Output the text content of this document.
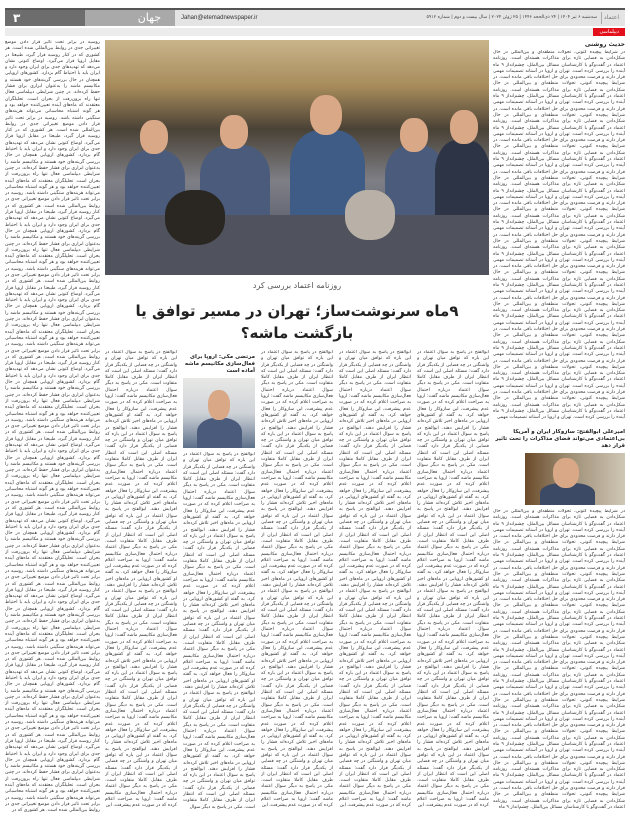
۳	جهان	Jahan@etemadnewspaper.ir	سه‌شنبه ۶ تیر ۱۴۰۴ | ۲۴ ذی‌الحجه ۱۴۴۶ | ۲۵ ژوئن ۲۰۲۴ | سال بیست و دوم | شماره ۵۹۱۲	اعتماد
دیپلماسی
حدیث روشنی
در شرایط پیچیده کنونی، تحولات منطقه‌ای و بین‌المللی در حال شکل‌دادن به فضایی تازه برای مذاکرات هسته‌ای است. روزنامه اعتماد در گفت‌وگو با کارشناسان مسائل بین‌الملل، چشم‌انداز ۹ ماه آینده را بررسی کرده است. تهران و اروپا در آستانه تصمیمات مهمی قرار دارند و فرصت محدودی برای حل اختلافات باقی مانده است. در شرایط پیچیده کنونی، تحولات منطقه‌ای و بین‌المللی در حال شکل‌دادن به فضایی تازه برای مذاکرات هسته‌ای است. روزنامه اعتماد در گفت‌وگو با کارشناسان مسائل بین‌الملل، چشم‌انداز ۹ ماه آینده را بررسی کرده است. تهران و اروپا در آستانه تصمیمات مهمی قرار دارند و فرصت محدودی برای حل اختلافات باقی مانده است. در شرایط پیچیده کنونی، تحولات منطقه‌ای و بین‌المللی در حال شکل‌دادن به فضایی تازه برای مذاکرات هسته‌ای است. روزنامه اعتماد در گفت‌وگو با کارشناسان مسائل بین‌الملل، چشم‌انداز ۹ ماه آینده را بررسی کرده است. تهران و اروپا در آستانه تصمیمات مهمی قرار دارند و فرصت محدودی برای حل اختلافات باقی مانده است. در شرایط پیچیده کنونی، تحولات منطقه‌ای و بین‌المللی در حال شکل‌دادن به فضایی تازه برای مذاکرات هسته‌ای است. روزنامه اعتماد در گفت‌وگو با کارشناسان مسائل بین‌الملل، چشم‌انداز ۹ ماه آینده را بررسی کرده است. تهران و اروپا در آستانه تصمیمات مهمی قرار دارند و فرصت محدودی برای حل اختلافات باقی مانده است. در شرایط پیچیده کنونی، تحولات منطقه‌ای و بین‌المللی در حال شکل‌دادن به فضایی تازه برای مذاکرات هسته‌ای است. روزنامه اعتماد در گفت‌وگو با کارشناسان مسائل بین‌الملل، چشم‌انداز ۹ ماه آینده را بررسی کرده است. تهران و اروپا در آستانه تصمیمات مهمی قرار دارند و فرصت محدودی برای حل اختلافات باقی مانده است. در شرایط پیچیده کنونی، تحولات منطقه‌ای و بین‌المللی در حال شکل‌دادن به فضایی تازه برای مذاکرات هسته‌ای است. روزنامه اعتماد در گفت‌وگو با کارشناسان مسائل بین‌الملل، چشم‌انداز ۹ ماه آینده را بررسی کرده است. تهران و اروپا در آستانه تصمیمات مهمی قرار دارند و فرصت محدودی برای حل اختلافات باقی مانده است. در شرایط پیچیده کنونی، تحولات منطقه‌ای و بین‌المللی در حال شکل‌دادن به فضایی تازه برای مذاکرات هسته‌ای است. روزنامه اعتماد در گفت‌وگو با کارشناسان مسائل بین‌الملل، چشم‌انداز ۹ ماه آینده را بررسی کرده است. تهران و اروپا در آستانه تصمیمات مهمی قرار دارند و فرصت محدودی برای حل اختلافات باقی مانده است. در شرایط پیچیده کنونی، تحولات منطقه‌ای و بین‌المللی در حال شکل‌دادن به فضایی تازه برای مذاکرات هسته‌ای است. روزنامه اعتماد در گفت‌وگو با کارشناسان مسائل بین‌الملل، چشم‌انداز ۹ ماه آینده را بررسی کرده است. تهران و اروپا در آستانه تصمیمات مهمی قرار دارند و فرصت محدودی برای حل اختلافات باقی مانده است. در شرایط پیچیده کنونی، تحولات منطقه‌ای و بین‌المللی در حال شکل‌دادن به فضایی تازه برای مذاکرات هسته‌ای است. روزنامه اعتماد در گفت‌وگو با کارشناسان مسائل بین‌الملل، چشم‌انداز ۹ ماه آینده را بررسی کرده است. تهران و اروپا در آستانه تصمیمات مهمی قرار دارند و فرصت محدودی برای حل اختلافات باقی مانده است. در شرایط پیچیده کنونی، تحولات منطقه‌ای و بین‌المللی در حال شکل‌دادن به فضایی تازه برای مذاکرات هسته‌ای است. روزنامه اعتماد در گفت‌وگو با کارشناسان مسائل بین‌الملل، چشم‌انداز ۹ ماه آینده را بررسی کرده است. تهران و اروپا در آستانه تصمیمات مهمی قرار دارند و فرصت محدودی برای حل اختلافات باقی مانده است. در شرایط پیچیده کنونی، تحولات منطقه‌ای و بین‌المللی در حال شکل‌دادن به فضایی تازه برای مذاکرات هسته‌ای است. روزنامه اعتماد در گفت‌وگو با کارشناسان مسائل بین‌الملل، چشم‌انداز ۹ ماه آینده را بررسی کرده است. تهران و اروپا در آستانه تصمیمات مهمی قرار دارند و فرصت محدودی برای حل اختلافات باقی مانده است. در شرایط پیچیده کنونی، تحولات منطقه‌ای و بین‌المللی در حال شکل‌دادن به فضایی تازه برای مذاکرات هسته‌ای است. روزنامه اعتماد در گفت‌وگو با کارشناسان مسائل بین‌الملل، چشم‌انداز ۹ ماه آینده را بررسی کرده است. تهران و اروپا در آستانه تصمیمات مهمی
امیرعلی ابوالفتح: سازوکار ایران و آمریکا بی‌اعتمادی می‌تواند فضای مذاکرات را تحت تاثیر قرار دهد
در شرایط پیچیده کنونی، تحولات منطقه‌ای و بین‌المللی در حال شکل‌دادن به فضایی تازه برای مذاکرات هسته‌ای است. روزنامه اعتماد در گفت‌وگو با کارشناسان مسائل بین‌الملل، چشم‌انداز ۹ ماه آینده را بررسی کرده است. تهران و اروپا در آستانه تصمیمات مهمی قرار دارند و فرصت محدودی برای حل اختلافات باقی مانده است. در شرایط پیچیده کنونی، تحولات منطقه‌ای و بین‌المللی در حال شکل‌دادن به فضایی تازه برای مذاکرات هسته‌ای است. روزنامه اعتماد در گفت‌وگو با کارشناسان مسائل بین‌الملل، چشم‌انداز ۹ ماه آینده را بررسی کرده است. تهران و اروپا در آستانه تصمیمات مهمی قرار دارند و فرصت محدودی برای حل اختلافات باقی مانده است. در شرایط پیچیده کنونی، تحولات منطقه‌ای و بین‌المللی در حال شکل‌دادن به فضایی تازه برای مذاکرات هسته‌ای است. روزنامه اعتماد در گفت‌وگو با کارشناسان مسائل بین‌الملل، چشم‌انداز ۹ ماه آینده را بررسی کرده است. تهران و اروپا در آستانه تصمیمات مهمی قرار دارند و فرصت محدودی برای حل اختلافات باقی مانده است. در شرایط پیچیده کنونی، تحولات منطقه‌ای و بین‌المللی در حال شکل‌دادن به فضایی تازه برای مذاکرات هسته‌ای است. روزنامه اعتماد در گفت‌وگو با کارشناسان مسائل بین‌الملل، چشم‌انداز ۹ ماه آینده را بررسی کرده است. تهران و اروپا در آستانه تصمیمات مهمی قرار دارند و فرصت محدودی برای حل اختلافات باقی مانده است. در شرایط پیچیده کنونی، تحولات منطقه‌ای و بین‌المللی در حال شکل‌دادن به فضایی تازه برای مذاکرات هسته‌ای است. روزنامه اعتماد در گفت‌وگو با کارشناسان مسائل بین‌الملل، چشم‌انداز ۹ ماه آینده را بررسی کرده است. تهران و اروپا در آستانه تصمیمات مهمی قرار دارند و فرصت محدودی برای حل اختلافات باقی مانده است. در شرایط پیچیده کنونی، تحولات منطقه‌ای و بین‌المللی در حال شکل‌دادن به فضایی تازه برای مذاکرات هسته‌ای است. روزنامه اعتماد در گفت‌وگو با کارشناسان مسائل بین‌الملل، چشم‌انداز ۹ ماه آینده را بررسی کرده است. تهران و اروپا در آستانه تصمیمات مهمی قرار دارند و فرصت محدودی برای حل اختلافات باقی مانده است. در شرایط پیچیده کنونی، تحولات منطقه‌ای و بین‌المللی در حال شکل‌دادن به فضایی تازه برای مذاکرات هسته‌ای است. روزنامه اعتماد در گفت‌وگو با کارشناسان مسائل بین‌الملل، چشم‌انداز ۹ ماه آینده را بررسی کرده است. تهران و اروپا در آستانه تصمیمات مهمی قرار دارند و فرصت محدودی برای حل اختلافات باقی مانده است. در شرایط پیچیده کنونی، تحولات منطقه‌ای و بین‌المللی در حال شکل‌دادن به فضایی تازه برای مذاکرات هسته‌ای است. روزنامه اعتماد در گفت‌وگو با کارشناسان مسائل بین‌الملل، چشم‌انداز ۹ ماه آینده را بررسی کرده است. تهران و اروپا در آستانه تصمیمات مهمی قرار دارند و فرصت محدودی برای حل اختلافات باقی مانده است. در شرایط پیچیده کنونی، تحولات منطقه‌ای و بین‌المللی در حال شکل‌دادن به فضایی تازه برای مذاکرات هسته‌ای است. روزنامه اعتماد در گفت‌وگو با کارشناسان مسائل بین‌الملل، چشم‌انداز ۹ ماه آینده را بررسی کرده است. تهران و اروپا در آستانه تصمیمات مهمی قرار دارند و فرصت محدودی برای حل اختلافات باقی مانده است. در شرایط پیچیده کنونی، تحولات منطقه‌ای و بین‌المللی در حال شکل‌دادن به فضایی تازه برای مذاکرات هسته‌ای است. روزنامه اعتماد در گفت‌وگو با کارشناسان مسائل بین‌الملل، چشم‌انداز ۹ ماه
روسیه در برابر تحت تاثیر قرار دادن موضع تغییراتی جدی در روابط بین‌المللی شده است. هر کشوری که در کنار روسیه قرار گیرد، طبیعتا در مقابل اروپا قرار می‌گیرد. اوضاع کنونی نشان می‌دهد که تهدیدهای جدی برای ایران وجود دارد و ایران باید با احتیاط گام بردارد. کشورهای اروپایی همچنان در حال بررسی گزینه‌های خود هستند و مکانیسم ماشه را به‌عنوان ابزاری برای فشار حفظ کرده‌اند. در چنین شرایطی دیپلماسی فعال تنها راه برون‌رفت از بحران است. تحلیلگران معتقدند که ماه‌های آینده تعیین‌کننده خواهد بود و هر گونه اشتباه محاسباتی می‌تواند هزینه‌های سنگینی داشته باشد. روسیه در برابر تحت تاثیر قرار دادن موضع تغییراتی جدی در روابط بین‌المللی شده است. هر کشوری که در کنار روسیه قرار گیرد، طبیعتا در مقابل اروپا قرار می‌گیرد. اوضاع کنونی نشان می‌دهد که تهدیدهای جدی برای ایران وجود دارد و ایران باید با احتیاط گام بردارد. کشورهای اروپایی همچنان در حال بررسی گزینه‌های خود هستند و مکانیسم ماشه را به‌عنوان ابزاری برای فشار حفظ کرده‌اند. در چنین شرایطی دیپلماسی فعال تنها راه برون‌رفت از بحران است. تحلیلگران معتقدند که ماه‌های آینده تعیین‌کننده خواهد بود و هر گونه اشتباه محاسباتی می‌تواند هزینه‌های سنگینی داشته باشد. روسیه در برابر تحت تاثیر قرار دادن موضع تغییراتی جدی در روابط بین‌المللی شده است. هر کشوری که در کنار روسیه قرار گیرد، طبیعتا در مقابل اروپا قرار می‌گیرد. اوضاع کنونی نشان می‌دهد که تهدیدهای جدی برای ایران وجود دارد و ایران باید با احتیاط گام بردارد. کشورهای اروپایی همچنان در حال بررسی گزینه‌های خود هستند و مکانیسم ماشه را به‌عنوان ابزاری برای فشار حفظ کرده‌اند. در چنین شرایطی دیپلماسی فعال تنها راه برون‌رفت از بحران است. تحلیلگران معتقدند که ماه‌های آینده تعیین‌کننده خواهد بود و هر گونه اشتباه محاسباتی می‌تواند هزینه‌های سنگینی داشته باشد. روسیه در برابر تحت تاثیر قرار دادن موضع تغییراتی جدی در روابط بین‌المللی شده است. هر کشوری که در کنار روسیه قرار گیرد، طبیعتا در مقابل اروپا قرار می‌گیرد. اوضاع کنونی نشان می‌دهد که تهدیدهای جدی برای ایران وجود دارد و ایران باید با احتیاط گام بردارد. کشورهای اروپایی همچنان در حال بررسی گزینه‌های خود هستند و مکانیسم ماشه را به‌عنوان ابزاری برای فشار حفظ کرده‌اند. در چنین شرایطی دیپلماسی فعال تنها راه برون‌رفت از بحران است. تحلیلگران معتقدند که ماه‌های آینده تعیین‌کننده خواهد بود و هر گونه اشتباه محاسباتی می‌تواند هزینه‌های سنگینی داشته باشد. روسیه در برابر تحت تاثیر قرار دادن موضع تغییراتی جدی در روابط بین‌المللی شده است. هر کشوری که در کنار روسیه قرار گیرد، طبیعتا در مقابل اروپا قرار می‌گیرد. اوضاع کنونی نشان می‌دهد که تهدیدهای جدی برای ایران وجود دارد و ایران باید با احتیاط گام بردارد. کشورهای اروپایی همچنان در حال بررسی گزینه‌های خود هستند و مکانیسم ماشه را به‌عنوان ابزاری برای فشار حفظ کرده‌اند. در چنین شرایطی دیپلماسی فعال تنها راه برون‌رفت از بحران است. تحلیلگران معتقدند که ماه‌های آینده تعیین‌کننده خواهد بود و هر گونه اشتباه محاسباتی می‌تواند هزینه‌های سنگینی داشته باشد. روسیه در برابر تحت تاثیر قرار دادن موضع تغییراتی جدی در روابط بین‌المللی شده است. هر کشوری که در کنار روسیه قرار گیرد، طبیعتا در مقابل اروپا قرار می‌گیرد. اوضاع کنونی نشان می‌دهد که تهدیدهای جدی برای ایران وجود دارد و ایران باید با احتیاط گام بردارد. کشورهای اروپایی همچنان در حال بررسی گزینه‌های خود هستند و مکانیسم ماشه را به‌عنوان ابزاری برای فشار حفظ کرده‌اند. در چنین شرایطی دیپلماسی فعال تنها راه برون‌رفت از بحران است. تحلیلگران معتقدند که ماه‌های آینده تعیین‌کننده خواهد بود و هر گونه اشتباه محاسباتی می‌تواند هزینه‌های سنگینی داشته باشد. روسیه در برابر تحت تاثیر قرار دادن موضع تغییراتی جدی در روابط بین‌المللی شده است. هر کشوری که در کنار روسیه قرار گیرد، طبیعتا در مقابل اروپا قرار می‌گیرد. اوضاع کنونی نشان می‌دهد که تهدیدهای جدی برای ایران وجود دارد و ایران باید با احتیاط گام بردارد. کشورهای اروپایی همچنان در حال بررسی گزینه‌های خود هستند و مکانیسم ماشه را به‌عنوان ابزاری برای فشار حفظ کرده‌اند. در چنین شرایطی دیپلماسی فعال تنها راه برون‌رفت از بحران است. تحلیلگران معتقدند که ماه‌های آینده تعیین‌کننده خواهد بود و هر گونه اشتباه محاسباتی می‌تواند هزینه‌های سنگینی داشته باشد. روسیه در برابر تحت تاثیر قرار دادن موضع تغییراتی جدی در روابط بین‌المللی شده است. هر کشوری که در کنار روسیه قرار گیرد، طبیعتا در مقابل اروپا قرار می‌گیرد. اوضاع کنونی نشان می‌دهد که تهدیدهای جدی برای ایران وجود دارد و ایران باید با احتیاط گام بردارد. کشورهای اروپایی همچنان در حال بررسی گزینه‌های خود هستند و مکانیسم ماشه را به‌عنوان ابزاری برای فشار حفظ کرده‌اند. در چنین شرایطی دیپلماسی فعال تنها راه برون‌رفت از بحران است. تحلیلگران معتقدند که ماه‌های آینده تعیین‌کننده خواهد بود و هر گونه اشتباه محاسباتی می‌تواند هزینه‌های سنگینی داشته باشد. روسیه در برابر تحت تاثیر قرار دادن موضع تغییراتی جدی در روابط بین‌المللی شده است. هر کشوری که در کنار روسیه قرار گیرد، طبیعتا در مقابل اروپا قرار می‌گیرد. اوضاع کنونی نشان می‌دهد که تهدیدهای جدی برای ایران وجود دارد و ایران باید با احتیاط گام بردارد. کشورهای اروپایی همچنان در حال بررسی گزینه‌های خود هستند و مکانیسم ماشه را به‌عنوان ابزاری برای فشار حفظ کرده‌اند. در چنین شرایطی دیپلماسی فعال تنها راه برون‌رفت از بحران است. تحلیلگران معتقدند که ماه‌های آینده تعیین‌کننده خواهد بود و هر گونه اشتباه محاسباتی می‌تواند هزینه‌های سنگینی داشته باشد. روسیه در برابر تحت تاثیر قرار دادن موضع تغییراتی جدی در روابط بین‌المللی شده است. هر کشوری که در کنار روسیه قرار گیرد، طبیعتا در مقابل اروپا قرار می‌گیرد. اوضاع کنونی نشان می‌دهد که تهدیدهای جدی برای ایران وجود دارد و ایران باید با احتیاط گام بردارد. کشورهای اروپایی همچنان در حال بررسی گزینه‌های خود هستند و مکانیسم ماشه را به‌عنوان ابزاری برای فشار حفظ کرده‌اند. در چنین شرایطی دیپلماسی فعال تنها راه برون‌رفت از بحران است. تحلیلگران معتقدند که ماه‌های آینده تعیین‌کننده خواهد بود و هر گونه اشتباه محاسباتی می‌تواند هزینه‌های سنگینی داشته باشد. روسیه در برابر تحت تاثیر قرار دادن موضع تغییراتی جدی در روابط بین‌المللی شده است. هر کشوری که در
روزنامه اعتماد بررسی کرد
۹ماه سرنوشت‌ساز؛ تهران در مسیر توافق یا بازگشت ماشه؟
ابوالفتح در پاسخ به سوال اعتماد در این باره که توافق میان تهران و واشنگتن در چه فضایی از یکدیگر قرار دارد گفت: مسئله اصلی این است که انتظار ایران از طرف مقابل کاملا متفاوت است. مکی در پاسخ به دیگر سوال اعتماد درباره احتمال فعال‌سازی مکانیسم ماشه گفت: اروپا به صراحت اعلام کرده که در صورت عدم پیشرفت، این سازوکار را فعال خواهد کرد. به گفته او کشورهای اروپایی در ماه‌های اخیر تلاش کرده‌اند فشار را افزایش دهند. ابوالفتح در پاسخ به سوال اعتماد در این باره که توافق میان تهران و واشنگتن در چه فضایی از یکدیگر قرار دارد گفت: مسئله اصلی این است که انتظار ایران از طرف مقابل کاملا متفاوت است. مکی در پاسخ به دیگر سوال اعتماد درباره احتمال فعال‌سازی مکانیسم ماشه گفت: اروپا به صراحت اعلام کرده که در صورت عدم پیشرفت، این سازوکار را فعال خواهد کرد. به گفته او کشورهای اروپایی در ماه‌های اخیر تلاش کرده‌اند فشار را افزایش دهند. ابوالفتح در پاسخ به سوال اعتماد در این باره که توافق میان تهران و واشنگتن در چه فضایی از یکدیگر قرار دارد گفت: مسئله اصلی این است که انتظار ایران از طرف مقابل کاملا متفاوت است. مکی در پاسخ به دیگر سوال اعتماد درباره احتمال فعال‌سازی مکانیسم ماشه گفت: اروپا به صراحت اعلام کرده که در صورت عدم پیشرفت، این سازوکار را فعال خواهد کرد. به گفته او کشورهای اروپایی در ماه‌های اخیر تلاش کرده‌اند فشار را افزایش دهند. ابوالفتح در پاسخ به سوال اعتماد در این باره که توافق میان تهران و واشنگتن در چه فضایی از یکدیگر قرار دارد گفت: مسئله اصلی این است که انتظار ایران از طرف مقابل کاملا متفاوت است. مکی در پاسخ به دیگر سوال اعتماد درباره احتمال فعال‌سازی مکانیسم ماشه گفت: اروپا به صراحت اعلام کرده که در صورت عدم پیشرفت، این سازوکار را فعال خواهد کرد. به گفته او کشورهای اروپایی در ماه‌های اخیر تلاش کرده‌اند فشار را افزایش دهند. ابوالفتح در پاسخ به سوال اعتماد در این باره که توافق میان تهران و واشنگتن در چه فضایی از یکدیگر قرار دارد گفت: مسئله اصلی این است که انتظار ایران از طرف مقابل کاملا متفاوت است. مکی در پاسخ به دیگر سوال اعتماد درباره احتمال فعال‌سازی مکانیسم ماشه گفت: اروپا به صراحت اعلام کرده که در صورت عدم پیشرفت، این سازوکار را فعال خواهد کرد. به گفته او کشورهای اروپایی در ماه‌های اخیر تلاش کرده‌اند فشار را افزایش دهند. ابوالفتح در پاسخ به سوال اعتماد در این باره که توافق میان تهران و واشنگتن در چه فضایی از یکدیگر قرار دارد گفت: مسئله اصلی این است که انتظار ایران از طرف مقابل کاملا متفاوت است. مکی در پاسخ به دیگر سوال اعتماد درباره احتمال فعال‌سازی مکانیسم ماشه گفت: اروپا به صراحت اعلام کرده که در صورت عدم پیشرفت، این
ابوالفتح در پاسخ به سوال اعتماد در این باره که توافق میان تهران و واشنگتن در چه فضایی از یکدیگر قرار دارد گفت: مسئله اصلی این است که انتظار ایران از طرف مقابل کاملا متفاوت است. مکی در پاسخ به دیگر سوال اعتماد درباره احتمال فعال‌سازی مکانیسم ماشه گفت: اروپا به صراحت اعلام کرده که در صورت عدم پیشرفت، این سازوکار را فعال خواهد کرد. به گفته او کشورهای اروپایی در ماه‌های اخیر تلاش کرده‌اند فشار را افزایش دهند. ابوالفتح در پاسخ به سوال اعتماد در این باره که توافق میان تهران و واشنگتن در چه فضایی از یکدیگر قرار دارد گفت: مسئله اصلی این است که انتظار ایران از طرف مقابل کاملا متفاوت است. مکی در پاسخ به دیگر سوال اعتماد درباره احتمال فعال‌سازی مکانیسم ماشه گفت: اروپا به صراحت اعلام کرده که در صورت عدم پیشرفت، این سازوکار را فعال خواهد کرد. به گفته او کشورهای اروپایی در ماه‌های اخیر تلاش کرده‌اند فشار را افزایش دهند. ابوالفتح در پاسخ به سوال اعتماد در این باره که توافق میان تهران و واشنگتن در چه فضایی از یکدیگر قرار دارد گفت: مسئله اصلی این است که انتظار ایران از طرف مقابل کاملا متفاوت است. مکی در پاسخ به دیگر سوال اعتماد درباره احتمال فعال‌سازی مکانیسم ماشه گفت: اروپا به صراحت اعلام کرده که در صورت عدم پیشرفت، این سازوکار را فعال خواهد کرد. به گفته او کشورهای اروپایی در ماه‌های اخیر تلاش کرده‌اند فشار را افزایش دهند. ابوالفتح در پاسخ به سوال اعتماد در این باره که توافق میان تهران و واشنگتن در چه فضایی از یکدیگر قرار دارد گفت: مسئله اصلی این است که انتظار ایران از طرف مقابل کاملا متفاوت است. مکی در پاسخ به دیگر سوال اعتماد درباره احتمال فعال‌سازی مکانیسم ماشه گفت: اروپا به صراحت اعلام کرده که در صورت عدم پیشرفت، این سازوکار را فعال خواهد کرد. به گفته او کشورهای اروپایی در ماه‌های اخیر تلاش کرده‌اند فشار را افزایش دهند. ابوالفتح در پاسخ به سوال اعتماد در این باره که توافق میان تهران و واشنگتن در چه فضایی از یکدیگر قرار دارد گفت: مسئله اصلی این است که انتظار ایران از طرف مقابل کاملا متفاوت است. مکی در پاسخ به دیگر سوال اعتماد درباره احتمال فعال‌سازی مکانیسم ماشه گفت: اروپا به صراحت اعلام کرده که در صورت عدم پیشرفت، این سازوکار را فعال خواهد کرد. به گفته او کشورهای اروپایی در ماه‌های اخیر تلاش کرده‌اند فشار را افزایش دهند. ابوالفتح در پاسخ به سوال اعتماد در این باره که توافق میان تهران و واشنگتن در چه فضایی از یکدیگر قرار دارد گفت: مسئله اصلی این است که انتظار ایران از طرف مقابل کاملا متفاوت است. مکی در پاسخ به دیگر سوال اعتماد درباره احتمال فعال‌سازی مکانیسم ماشه گفت: اروپا به صراحت اعلام کرده که در صورت عدم پیشرفت، این
ابوالفتح در پاسخ به سوال اعتماد در این باره که توافق میان تهران و واشنگتن در چه فضایی از یکدیگر قرار دارد گفت: مسئله اصلی این است که انتظار ایران از طرف مقابل کاملا متفاوت است. مکی در پاسخ به دیگر سوال اعتماد درباره احتمال فعال‌سازی مکانیسم ماشه گفت: اروپا به صراحت اعلام کرده که در صورت عدم پیشرفت، این سازوکار را فعال خواهد کرد. به گفته او کشورهای اروپایی در ماه‌های اخیر تلاش کرده‌اند فشار را افزایش دهند. ابوالفتح در پاسخ به سوال اعتماد در این باره که توافق میان تهران و واشنگتن در چه فضایی از یکدیگر قرار دارد گفت: مسئله اصلی این است که انتظار ایران از طرف مقابل کاملا متفاوت است. مکی در پاسخ به دیگر سوال اعتماد درباره احتمال فعال‌سازی مکانیسم ماشه گفت: اروپا به صراحت اعلام کرده که در صورت عدم پیشرفت، این سازوکار را فعال خواهد کرد. به گفته او کشورهای اروپایی در ماه‌های اخیر تلاش کرده‌اند فشار را افزایش دهند. ابوالفتح در پاسخ به سوال اعتماد در این باره که توافق میان تهران و واشنگتن در چه فضایی از یکدیگر قرار دارد گفت: مسئله اصلی این است که انتظار ایران از طرف مقابل کاملا متفاوت است. مکی در پاسخ به دیگر سوال اعتماد درباره احتمال فعال‌سازی مکانیسم ماشه گفت: اروپا به صراحت اعلام کرده که در صورت عدم پیشرفت، این سازوکار را فعال خواهد کرد. به گفته او کشورهای اروپایی در ماه‌های اخیر تلاش کرده‌اند فشار را افزایش دهند. ابوالفتح در پاسخ به سوال اعتماد در این باره که توافق میان تهران و واشنگتن در چه فضایی از یکدیگر قرار دارد گفت: مسئله اصلی این است که انتظار ایران از طرف مقابل کاملا متفاوت است. مکی در پاسخ به دیگر سوال اعتماد درباره احتمال فعال‌سازی مکانیسم ماشه گفت: اروپا به صراحت اعلام کرده که در صورت عدم پیشرفت، این سازوکار را فعال خواهد کرد. به گفته او کشورهای اروپایی در ماه‌های اخیر تلاش کرده‌اند فشار را افزایش دهند. ابوالفتح در پاسخ به سوال اعتماد در این باره که توافق میان تهران و واشنگتن در چه فضایی از یکدیگر قرار دارد گفت: مسئله اصلی این است که انتظار ایران از طرف مقابل کاملا متفاوت است. مکی در پاسخ به دیگر سوال اعتماد درباره احتمال فعال‌سازی مکانیسم ماشه گفت: اروپا به صراحت اعلام کرده که در صورت عدم پیشرفت، این سازوکار را فعال خواهد کرد. به گفته او کشورهای اروپایی در ماه‌های اخیر تلاش کرده‌اند فشار را افزایش دهند. ابوالفتح در پاسخ به سوال اعتماد در این باره که توافق میان تهران و واشنگتن در چه فضایی از یکدیگر قرار دارد گفت: مسئله اصلی این است که انتظار ایران از طرف مقابل کاملا متفاوت است. مکی در پاسخ به دیگر سوال اعتماد درباره احتمال فعال‌سازی مکانیسم ماشه گفت: اروپا به صراحت اعلام کرده که در صورت عدم پیشرفت، این
مرتضی مکی: اروپا برای فعال‌سازی مکانیسم ماشه آماده است
ابوالفتح در پاسخ به سوال اعتماد در این باره که توافق میان تهران و واشنگتن در چه فضایی از یکدیگر قرار دارد گفت: مسئله اصلی این است که انتظار ایران از طرف مقابل کاملا متفاوت است. مکی در پاسخ به دیگر سوال اعتماد درباره احتمال فعال‌سازی مکانیسم ماشه گفت: اروپا به صراحت اعلام کرده که در صورت عدم پیشرفت، این سازوکار را فعال خواهد کرد. به گفته او کشورهای اروپایی در ماه‌های اخیر تلاش کرده‌اند فشار را افزایش دهند. ابوالفتح در پاسخ به سوال اعتماد در این باره که توافق میان تهران و واشنگتن در چه فضایی از یکدیگر قرار دارد گفت: مسئله اصلی این است که انتظار ایران از طرف مقابل کاملا متفاوت است. مکی در پاسخ به دیگر سوال اعتماد درباره احتمال فعال‌سازی مکانیسم ماشه گفت: اروپا به صراحت اعلام کرده که در صورت عدم پیشرفت، این سازوکار را فعال خواهد کرد. به گفته او کشورهای اروپایی در ماه‌های اخیر تلاش کرده‌اند فشار را افزایش دهند. ابوالفتح در پاسخ به سوال اعتماد در این باره که توافق میان تهران و واشنگتن در چه فضایی از یکدیگر قرار دارد گفت: مسئله اصلی این است که انتظار ایران از طرف مقابل کاملا متفاوت است. مکی در پاسخ به دیگر سوال اعتماد درباره احتمال فعال‌سازی مکانیسم ماشه گفت: اروپا به صراحت اعلام کرده که در صورت عدم پیشرفت، این سازوکار را فعال خواهد کرد. به گفته او کشورهای اروپایی در ماه‌های اخیر تلاش کرده‌اند فشار را افزایش دهند. ابوالفتح در پاسخ به سوال اعتماد در این باره که توافق میان تهران و واشنگتن در چه فضایی از یکدیگر قرار دارد گفت: مسئله اصلی این است که انتظار ایران از طرف مقابل کاملا متفاوت است. مکی در پاسخ به دیگر سوال اعتماد درباره احتمال فعال‌سازی مکانیسم ماشه گفت: اروپا به صراحت اعلام کرده که در صورت عدم پیشرفت، این سازوکار را فعال خواهد کرد. به گفته او کشورهای اروپایی در ماه‌های اخیر تلاش کرده‌اند فشار را افزایش دهند. ابوالفتح در پاسخ به سوال اعتماد در این باره که توافق میان تهران و واشنگتن در چه فضایی از یکدیگر قرار دارد گفت: مسئله اصلی این است که انتظار ایران از طرف مقابل کاملا متفاوت است. مکی در پاسخ به دیگر سوال
ابوالفتح در پاسخ به سوال اعتماد در این باره که توافق میان تهران و واشنگتن در چه فضایی از یکدیگر قرار دارد گفت: مسئله اصلی این است که انتظار ایران از طرف مقابل کاملا متفاوت است. مکی در پاسخ به دیگر سوال اعتماد درباره احتمال فعال‌سازی مکانیسم ماشه گفت: اروپا به صراحت اعلام کرده که در صورت عدم پیشرفت، این سازوکار را فعال خواهد کرد. به گفته او کشورهای اروپایی در ماه‌های اخیر تلاش کرده‌اند فشار را افزایش دهند. ابوالفتح در پاسخ به سوال اعتماد در این باره که توافق میان تهران و واشنگتن در چه فضایی از یکدیگر قرار دارد گفت: مسئله اصلی این است که انتظار ایران از طرف مقابل کاملا متفاوت است. مکی در پاسخ به دیگر سوال اعتماد درباره احتمال فعال‌سازی مکانیسم ماشه گفت: اروپا به صراحت اعلام کرده که در صورت عدم پیشرفت، این سازوکار را فعال خواهد کرد. به گفته او کشورهای اروپایی در ماه‌های اخیر تلاش کرده‌اند فشار را افزایش دهند. ابوالفتح در پاسخ به سوال اعتماد در این باره که توافق میان تهران و واشنگتن در چه فضایی از یکدیگر قرار دارد گفت: مسئله اصلی این است که انتظار ایران از طرف مقابل کاملا متفاوت است. مکی در پاسخ به دیگر سوال اعتماد درباره احتمال فعال‌سازی مکانیسم ماشه گفت: اروپا به صراحت اعلام کرده که در صورت عدم پیشرفت، این سازوکار را فعال خواهد کرد. به گفته او کشورهای اروپایی در ماه‌های اخیر تلاش کرده‌اند فشار را افزایش دهند. ابوالفتح در پاسخ به سوال اعتماد در این باره که توافق میان تهران و واشنگتن در چه فضایی از یکدیگر قرار دارد گفت: مسئله اصلی این است که انتظار ایران از طرف مقابل کاملا متفاوت است. مکی در پاسخ به دیگر سوال اعتماد درباره احتمال فعال‌سازی مکانیسم ماشه گفت: اروپا به صراحت اعلام کرده که در صورت عدم پیشرفت، این سازوکار را فعال خواهد کرد. به گفته او کشورهای اروپایی در ماه‌های اخیر تلاش کرده‌اند فشار را افزایش دهند. ابوالفتح در پاسخ به سوال اعتماد در این باره که توافق میان تهران و واشنگتن در چه فضایی از یکدیگر قرار دارد گفت: مسئله اصلی این است که انتظار ایران از طرف مقابل کاملا متفاوت است. مکی در پاسخ به دیگر سوال اعتماد درباره احتمال فعال‌سازی مکانیسم ماشه گفت: اروپا به صراحت اعلام کرده که در صورت عدم پیشرفت، این سازوکار را فعال خواهد کرد. به گفته او کشورهای اروپایی در ماه‌های اخیر تلاش کرده‌اند فشار را افزایش دهند. ابوالفتح در پاسخ به سوال اعتماد در این باره که توافق میان تهران و واشنگتن در چه فضایی از یکدیگر قرار دارد گفت: مسئله اصلی این است که انتظار ایران از طرف مقابل کاملا متفاوت است. مکی در پاسخ به دیگر سوال اعتماد درباره احتمال فعال‌سازی مکانیسم ماشه گفت: اروپا به صراحت اعلام کرده که در صورت عدم پیشرفت، این
